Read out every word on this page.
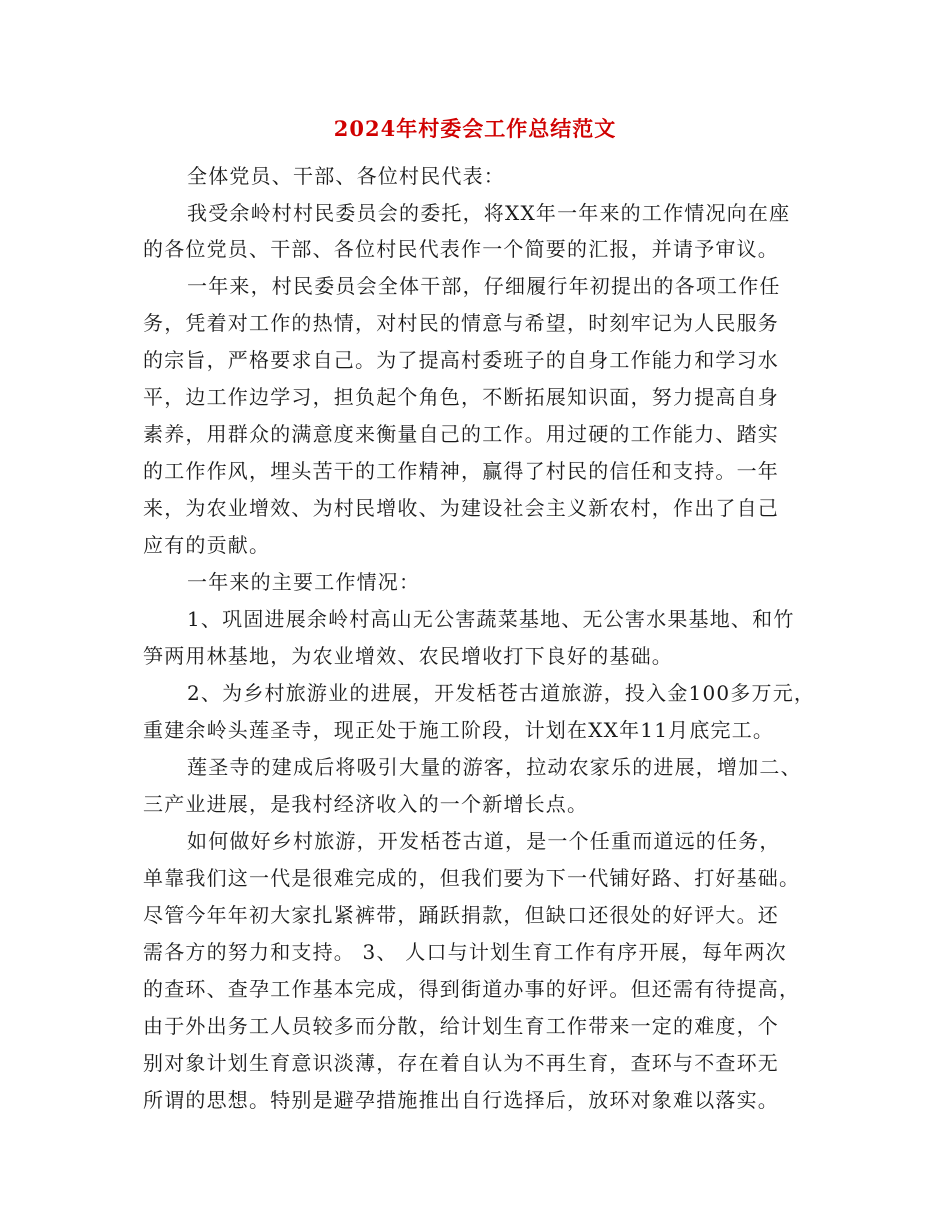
2024年村委会工作总结范文
全体党员、干部、各位村民代表：
我受余岭村村民委员会的委托，将XX年一年来的工作情况向在座
的各位党员、干部、各位村民代表作一个简要的汇报，并请予审议。
一年来，村民委员会全体干部，仔细履行年初提出的各项工作任
务，凭着对工作的热情，对村民的情意与希望，时刻牢记为人民服务
的宗旨，严格要求自己。为了提高村委班子的自身工作能力和学习水
平，边工作边学习，担负起个角色，不断拓展知识面，努力提高自身
素养，用群众的满意度来衡量自己的工作。用过硬的工作能力、踏实
的工作作风，埋头苦干的工作精神，赢得了村民的信任和支持。一年
来，为农业增效、为村民增收、为建设社会主义新农村，作出了自己
应有的贡献。
一年来的主要工作情况：
1、巩固进展余岭村高山无公害蔬菜基地、无公害水果基地、和竹
笋两用林基地，为农业增效、农民增收打下良好的基础。
2、为乡村旅游业的进展，开发栝苍古道旅游，投入金100多万元，
重建余岭头莲圣寺，现正处于施工阶段，计划在XX年11月底完工。
莲圣寺的建成后将吸引大量的游客，拉动农家乐的进展，增加二、
三产业进展，是我村经济收入的一个新增长点。
如何做好乡村旅游，开发栝苍古道，是一个任重而道远的任务，
单靠我们这一代是很难完成的，但我们要为下一代铺好路、打好基础。
尽管今年年初大家扎紧裤带，踊跃捐款，但缺口还很处的好评大。还
需各方的努力和支持。 3、 人口与计划生育工作有序开展，每年两次
的查环、查孕工作基本完成，得到街道办事的好评。但还需有待提高，
由于外出务工人员较多而分散，给计划生育工作带来一定的难度，个
别对象计划生育意识淡薄，存在着自认为不再生育，查环与不查环无
所谓的思想。特别是避孕措施推出自行选择后，放环对象难以落实。
